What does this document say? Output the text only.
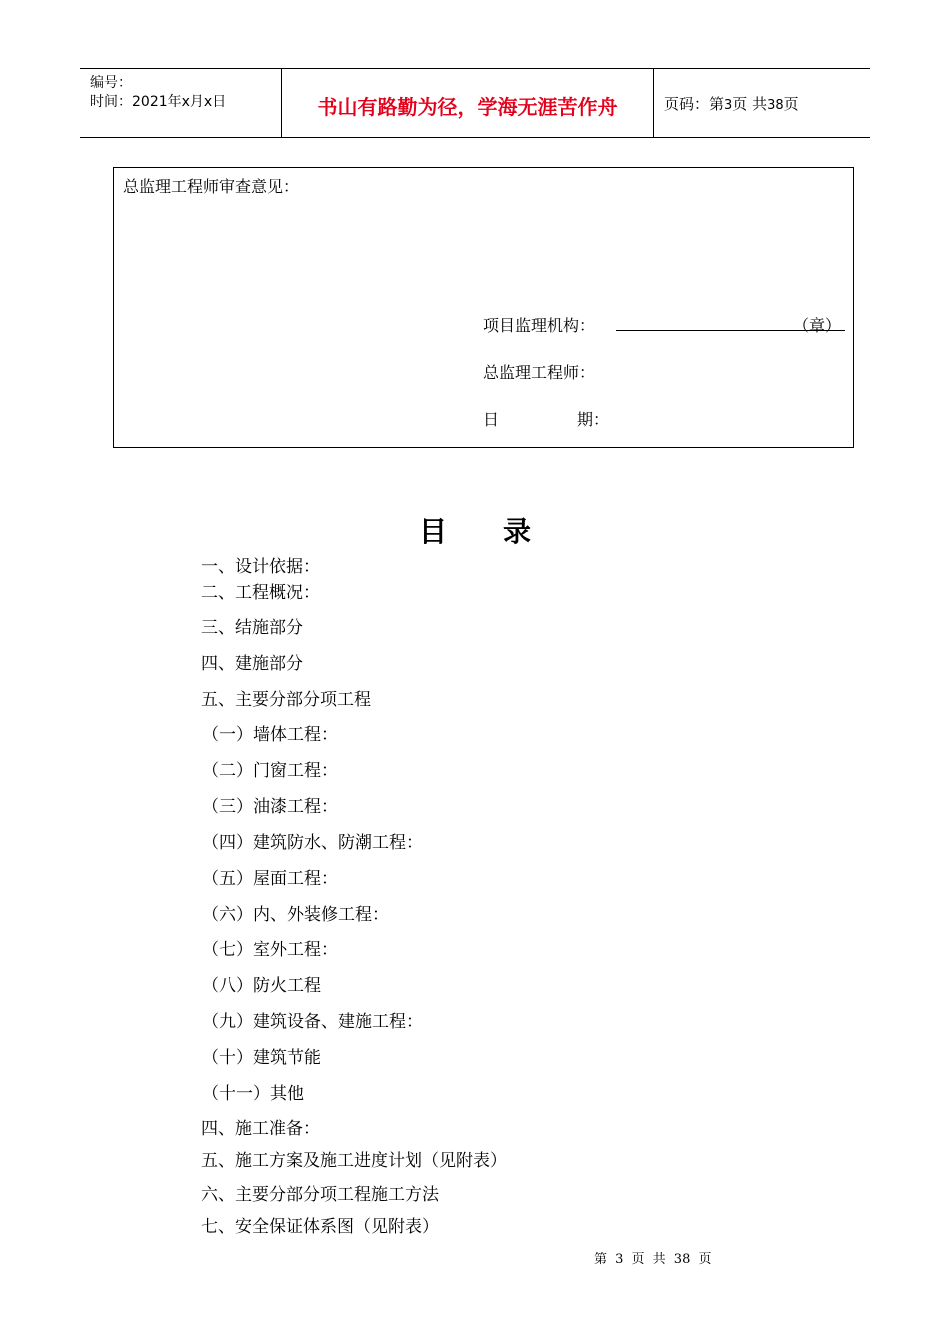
编号：
时间：2021年x月x日	书山有路勤为径，学海无涯苦作舟	页码：第3页 共38页
总监理工程师审查意见：
项目监理机构：	（章）
总监理工程师：
日	期：
目录
一、设计依据：
二、工程概况：
三、结施部分
四、建施部分
五、主要分部分项工程
（一）墙体工程：
（二）门窗工程：
（三）油漆工程：
（四）建筑防水、防潮工程：
（五）屋面工程：
（六）内、外装修工程：
（七）室外工程：
（八）防火工程
（九）建筑设备、建施工程：
（十）建筑节能
（十一）其他
四、施工准备：
五、施工方案及施工进度计划（见附表）
六、主要分部分项工程施工方法
七、安全保证体系图（见附表）
第 3 页 共 38 页
